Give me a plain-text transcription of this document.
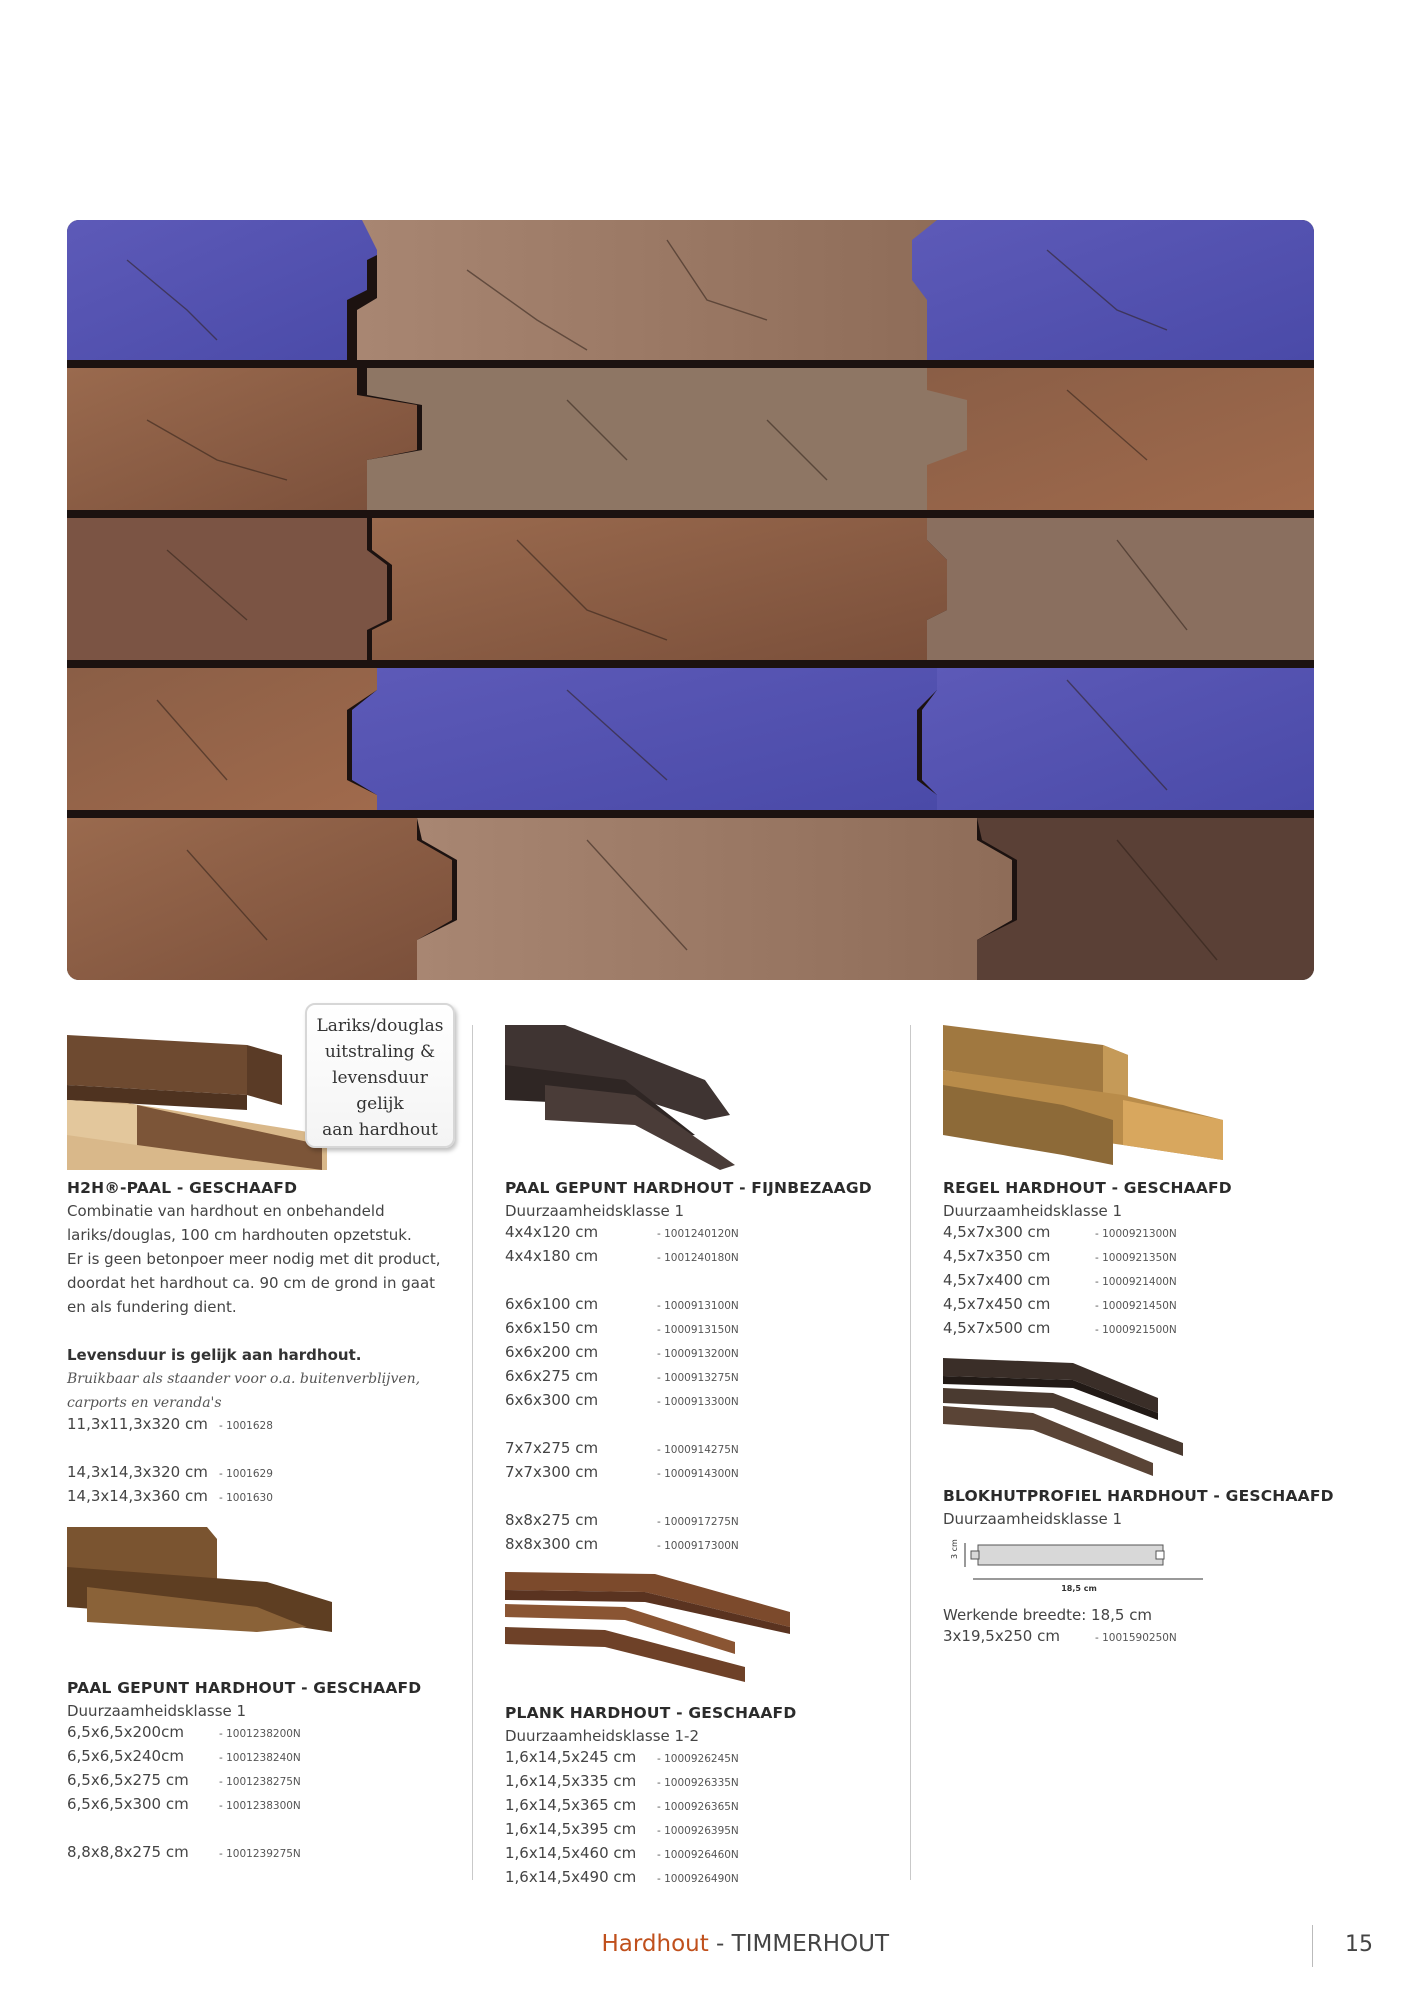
Lariks/douglas
uitstraling &
levensduur gelijk
aan hardhout
H2H®-PAAL - GESCHAAFD

Combinatie van hardhout en onbehandeld

lariks/douglas, 100 cm hardhouten opzetstuk.

Er is geen betonpoer meer nodig met dit product,

doordat het hardhout ca. 90 cm de grond in gaat

en als fundering dient.

Levensduur is gelijk aan hardhout.
Bruikbaar als staander voor o.a. buitenverblijven,
carports en veranda's
11,3x11,3x320 cm	- 1001628
14,3x14,3x320 cm	- 1001629
14,3x14,3x360 cm	- 1001630
PAAL GEPUNT HARDHOUT - GESCHAAFD
Duurzaamheidsklasse 1
6,5x6,5x200cm	- 1001238200N
6,5x6,5x240cm	- 1001238240N
6,5x6,5x275 cm	- 1001238275N
6,5x6,5x300 cm	- 1001238300N
8,8x8,8x275 cm	- 1001239275N
PAAL GEPUNT HARDHOUT - FIJNBEZAAGD
Duurzaamheidsklasse 1
4x4x120 cm	- 1001240120N
4x4x180 cm	- 1001240180N
6x6x100 cm	- 1000913100N
6x6x150 cm	- 1000913150N
6x6x200 cm	- 1000913200N
6x6x275 cm	- 1000913275N
6x6x300 cm	- 1000913300N
7x7x275 cm	- 1000914275N
7x7x300 cm	- 1000914300N
8x8x275 cm	- 1000917275N
8x8x300 cm	- 1000917300N
PLANK HARDHOUT - GESCHAAFD
Duurzaamheidsklasse 1-2
1,6x14,5x245 cm	- 1000926245N
1,6x14,5x335 cm	- 1000926335N
1,6x14,5x365 cm	- 1000926365N
1,6x14,5x395 cm	- 1000926395N
1,6x14,5x460 cm	- 1000926460N
1,6x14,5x490 cm	- 1000926490N
REGEL HARDHOUT - GESCHAAFD
Duurzaamheidsklasse 1
4,5x7x300 cm	- 1000921300N
4,5x7x350 cm	- 1000921350N
4,5x7x400 cm	- 1000921400N
4,5x7x450 cm	- 1000921450N
4,5x7x500 cm	- 1000921500N
BLOKHUTPROFIEL HARDHOUT - GESCHAAFD
Duurzaamheidsklasse 1
3 cm
18,5 cm
Werkende breedte: 18,5 cm
3x19,5x250 cm	- 1001590250N
Hardhout - TIMMERHOUT	15
